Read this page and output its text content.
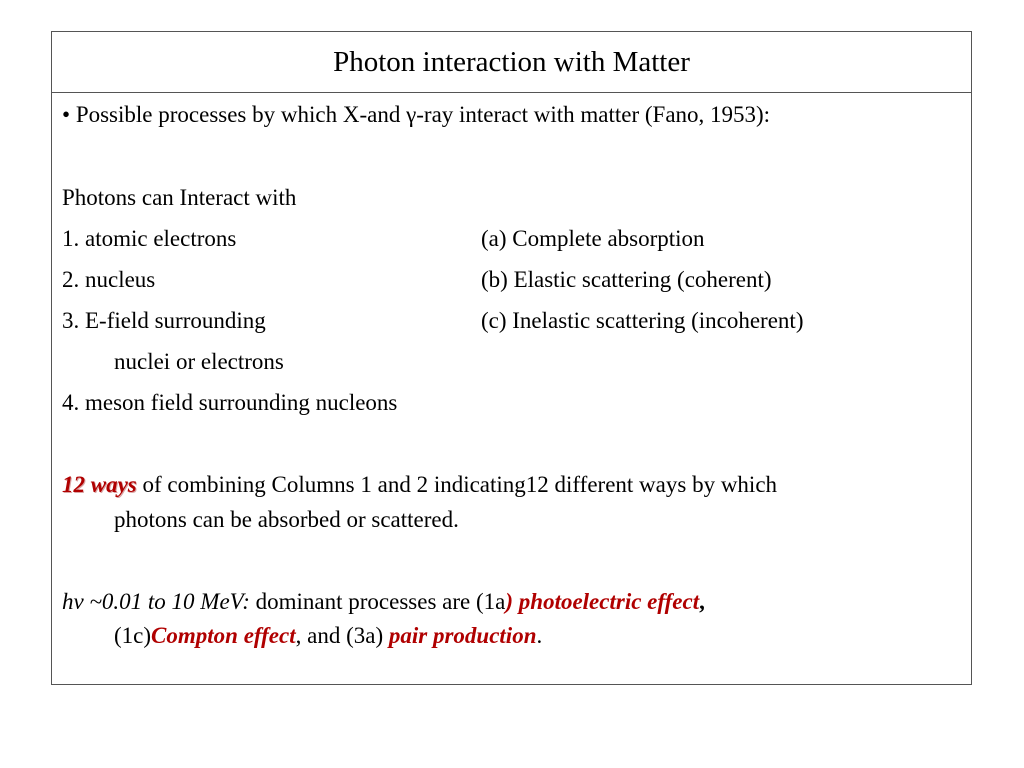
Photon interaction with Matter
• Possible processes by which X-and γ-ray interact with matter (Fano, 1953):
Photons can Interact with
1. atomic electrons	(a) Complete absorption
2. nucleus	(b) Elastic scattering (coherent)
3. E-field surrounding	(c) Inelastic scattering (incoherent)
nuclei or electrons
4. meson field surrounding nucleons
12 ways of combining Columns 1 and 2 indicating12 different ways by which
photons can be absorbed or scattered.
hν ~0.01 to 10 MeV: dominant processes are (1a) photoelectric effect,
(1c)Compton effect, and (3a) pair production.
